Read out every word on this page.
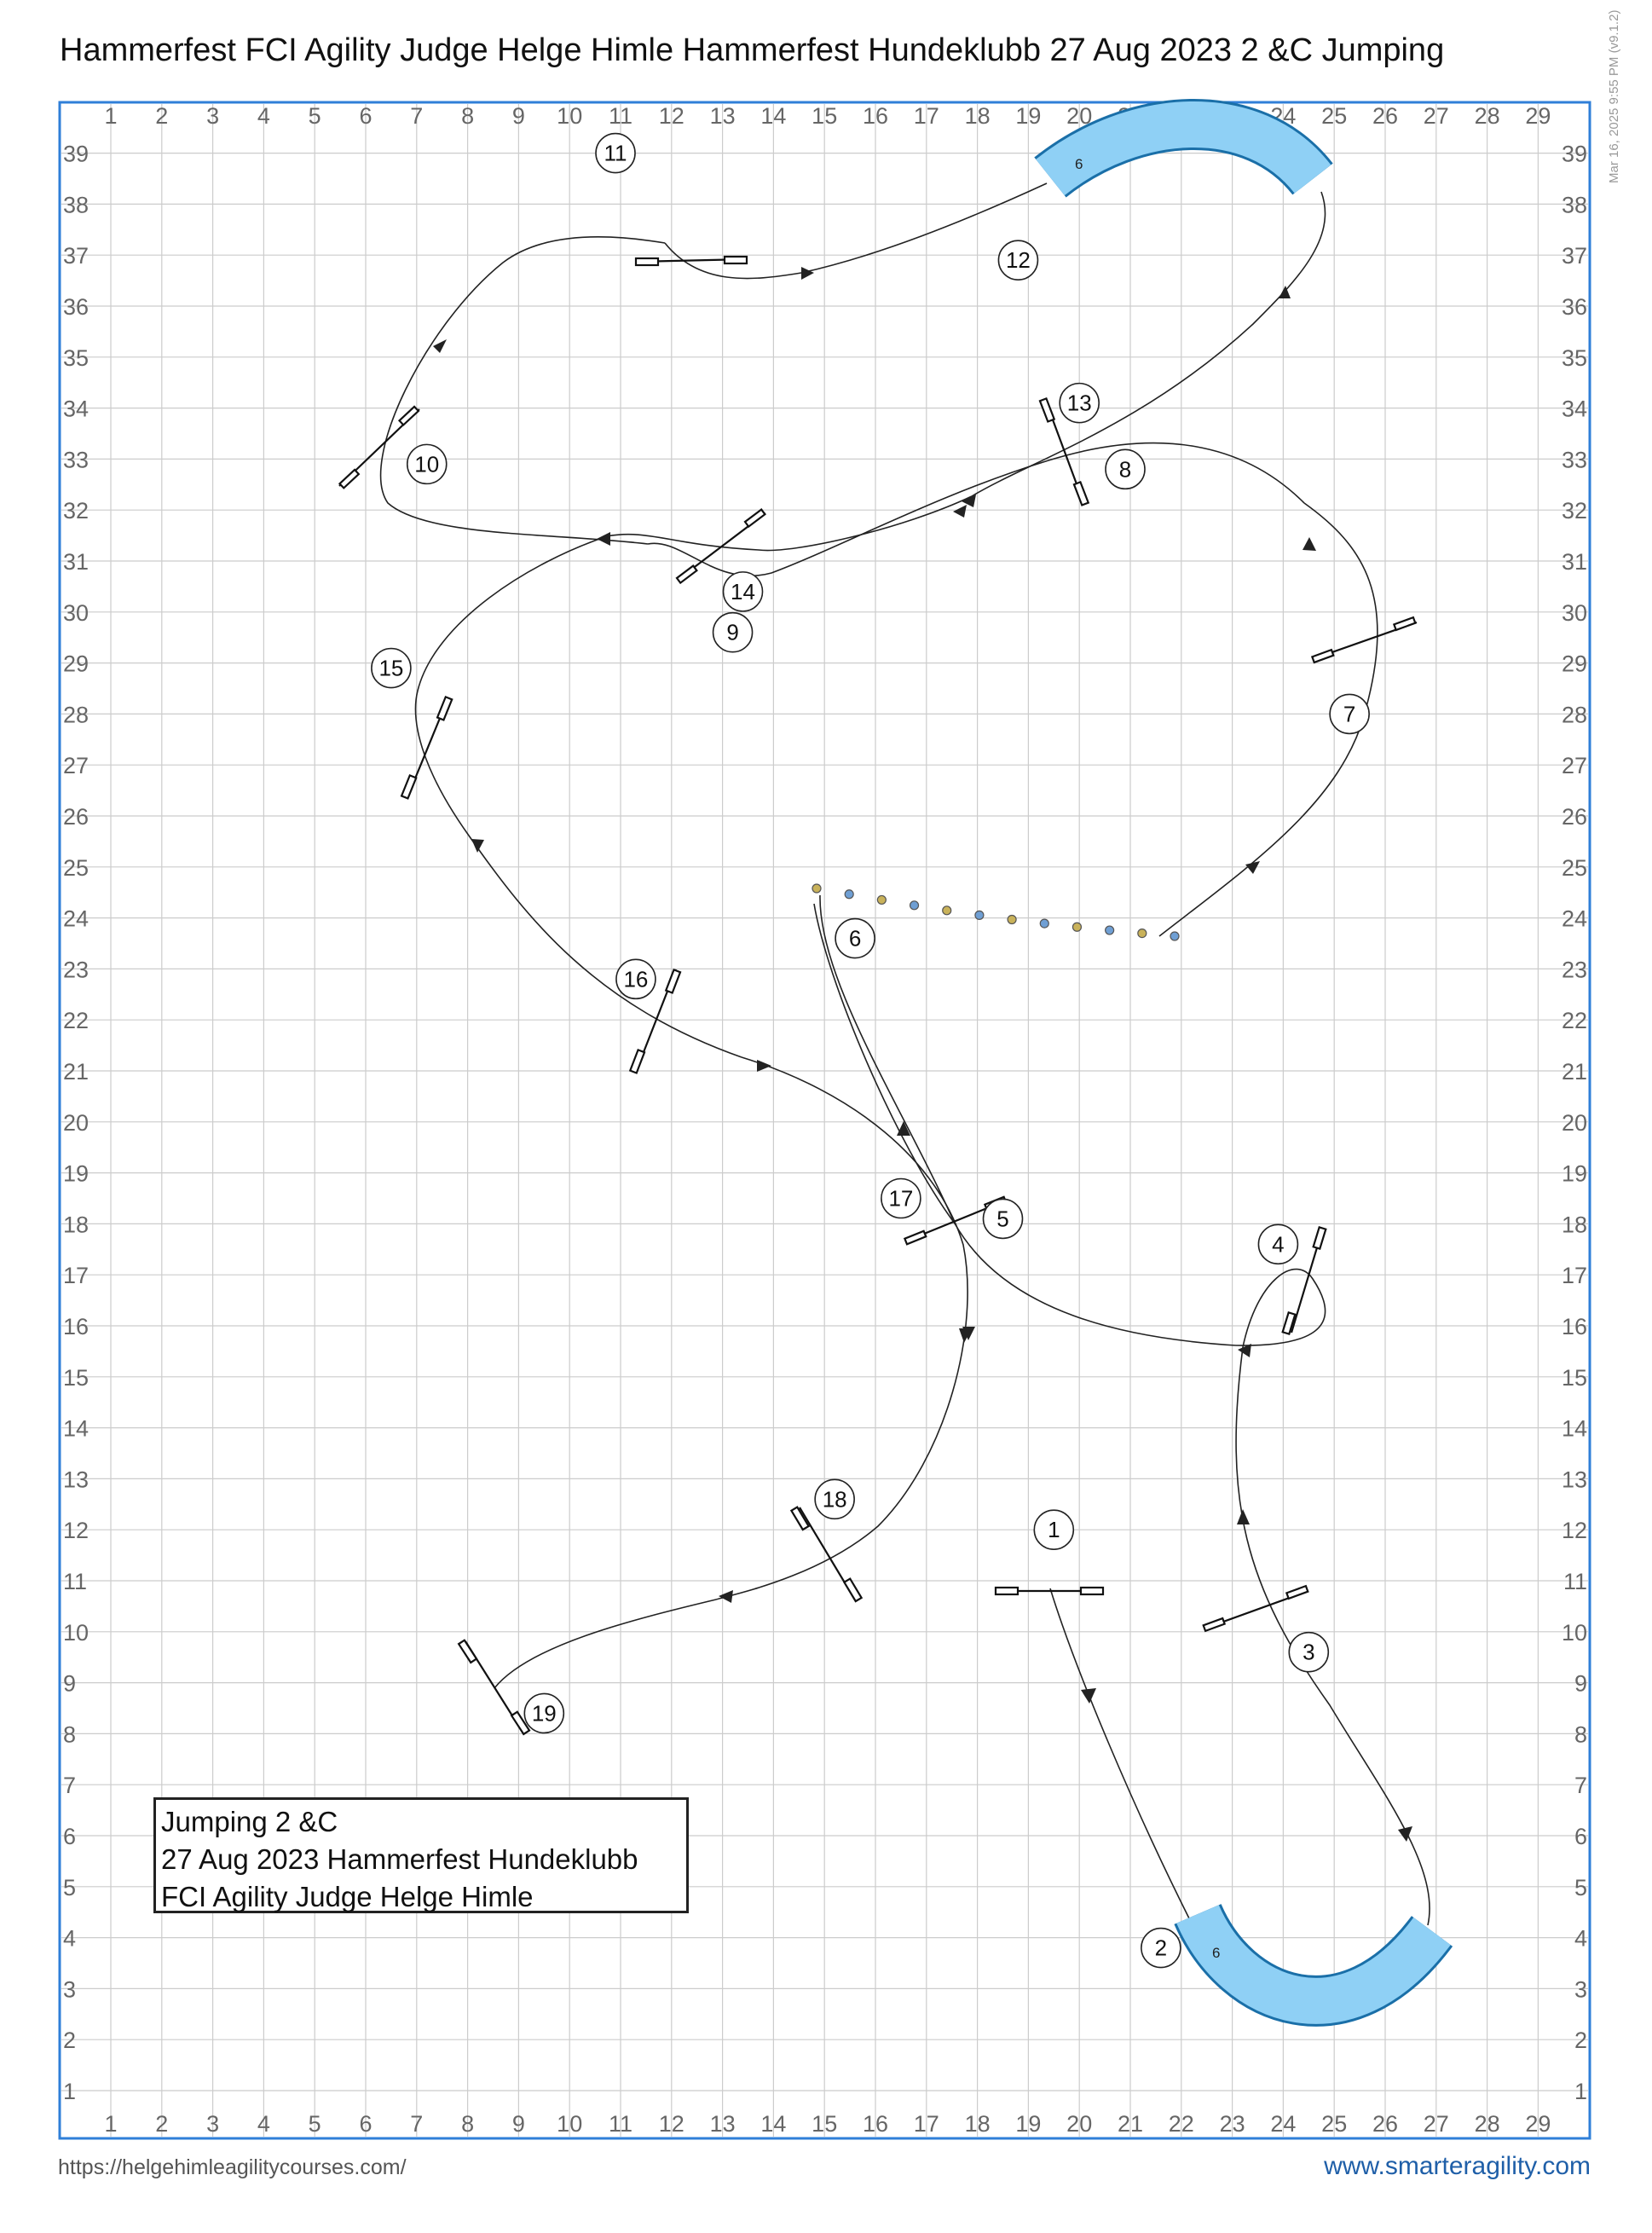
Hammerfest FCI Agility Judge Helge Himle Hammerfest Hundeklubb 27 Aug 2023 2 &C Jumping
1
1
2
2
3
3
4
4
5
5
6
6
7
7
8
8
9
9
10
10
11
11
12
12
13
13
14
14
15
15
16
16
17
17
18
18
19
19
20
20
21
21
22
22
23
23
24
24
25
25
26
26
27
27
28
28
29
29
1	1
2	2
3	3
4	4
5	5
6	6
7	7
8	8
9	9
10	10
11	11
12	12
13	13
14	14
15	15
16	16
17	17
18	18
19	19
20	20
21	21
22	22
23	23
24	24
25	25
26	26
27	27
28	28
29	29
30	30
31	31
32	32
33	33
34	34
35	35
36	36
37	37
38	38
39	39
6
6
1
2
3
4
5
6
7
8
9
10
11
12
13
14
15
16
17
18
19
Mar 16, 2025 9:55 PM (v9.1.2)
Jumping 2 &C
27 Aug 2023 Hammerfest Hundeklubb
FCI Agility Judge Helge Himle
https://helgehimleagilitycourses.com/	www.smarteragility.com
